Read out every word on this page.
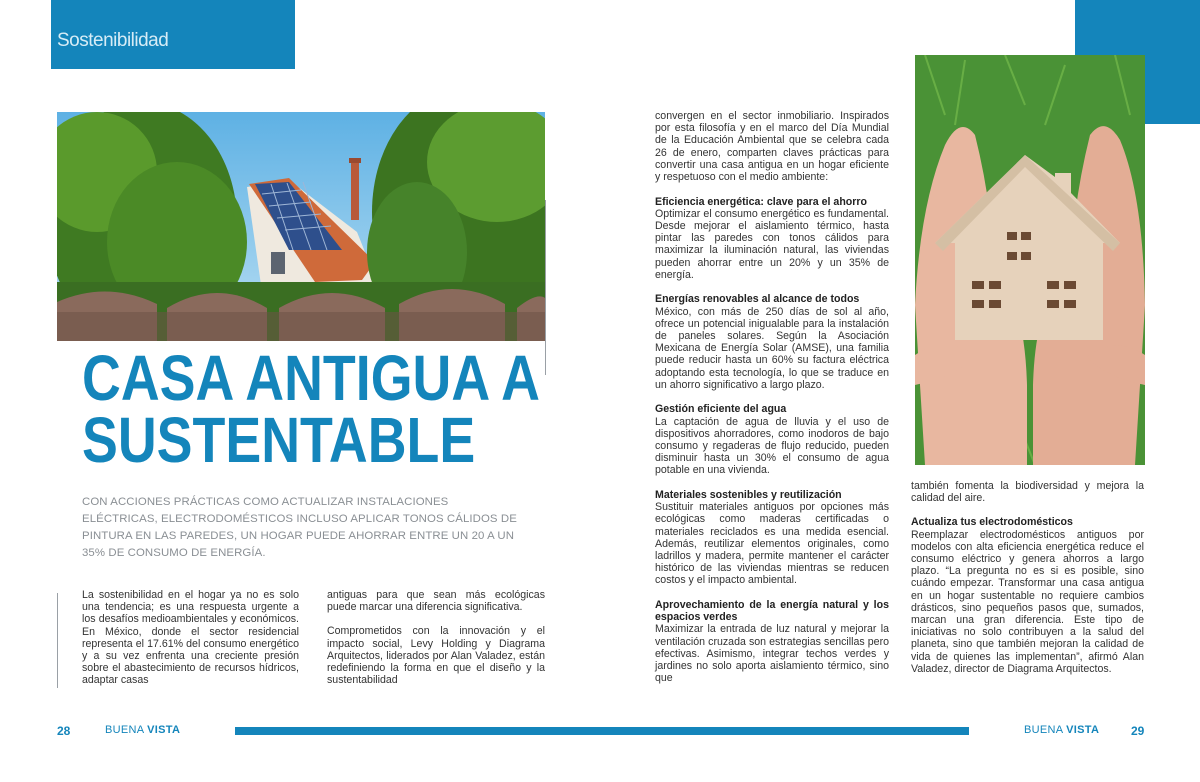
Sostenibilidad
CASA ANTIGUA A
SUSTENTABLE
CON ACCIONES PRÁCTICAS COMO ACTUALIZAR INSTALACIONES ELÉCTRICAS, ELECTRODOMÉSTICOS INCLUSO APLICAR TONOS CÁLIDOS DE PINTURA EN LAS PAREDES, UN HOGAR PUEDE AHORRAR ENTRE UN 20 A UN 35% DE CONSUMO DE ENERGÍA.

La sostenibilidad en el hogar ya no es solo una tendencia; es una respuesta urgente a los desafíos medioambientales y económicos. En México, donde el sector residencial representa el 17.61% del consumo energético y a su vez enfrenta una creciente presión sobre el abastecimiento de recursos hídricos, adaptar casas

antiguas para que sean más ecológicas puede marcar una diferencia significativa.

Comprometidos con la innovación y el impacto social, Levy Holding y Diagrama Arquitectos, liderados por Alan Valadez, están redefiniendo la forma en que el diseño y la sustentabilidad

convergen en el sector inmobiliario. Inspirados por esta filosofía y en el marco del Día Mundial de la Educación Ambiental que se celebra cada 26 de enero, comparten claves prácticas para convertir una casa antigua en un hogar eficiente y respetuoso con el medio ambiente:

Eficiencia energética: clave para el ahorro

Optimizar el consumo energético es fundamental. Desde mejorar el aislamiento térmico, hasta pintar las paredes con tonos cálidos para maximizar la iluminación natural, las viviendas pueden ahorrar entre un 20% y un 35% de energía.

Energías renovables al alcance de todos

México, con más de 250 días de sol al año, ofrece un potencial inigualable para la instalación de paneles solares. Según la Asociación Mexicana de Energía Solar (AMSE), una familia puede reducir hasta un 60% su factura eléctrica adoptando esta tecnología, lo que se traduce en un ahorro significativo a largo plazo.

Gestión eficiente del agua

La captación de agua de lluvia y el uso de dispositivos ahorradores, como inodoros de bajo consumo y regaderas de flujo reducido, pueden disminuir hasta un 30% el consumo de agua potable en una vivienda.

Materiales sostenibles y reutilización

Sustituir materiales antiguos por opciones más ecológicas como maderas certificadas o materiales reciclados es una medida esencial. Además, reutilizar elementos originales, como ladrillos y madera, permite mantener el carácter histórico de las viviendas mientras se reducen costos y el impacto ambiental.

Aprovechamiento de la energía natural y los espacios verdes

Maximizar la entrada de luz natural y mejorar la ventilación cruzada son estrategias sencillas pero efectivas. Asimismo, integrar techos verdes y jardines no solo aporta aislamiento térmico, sino que

también fomenta la biodiversidad y mejora la calidad del aire.

Actualiza tus electrodomésticos

Reemplazar electrodomésticos antiguos por modelos con alta eficiencia energética reduce el consumo eléctrico y genera ahorros a largo plazo. “La pregunta no es si es posible, sino cuándo empezar. Transformar una casa antigua en un hogar sustentable no requiere cambios drásticos, sino pequeños pasos que, sumados, marcan una gran diferencia. Este tipo de iniciativas no solo contribuyen a la salud del planeta, sino que también mejoran la calidad de vida de quienes las implementan”, afirmó Alan Valadez, director de Diagrama Arquitectos.

28	BUENA VISTA	BUENA VISTA	29
